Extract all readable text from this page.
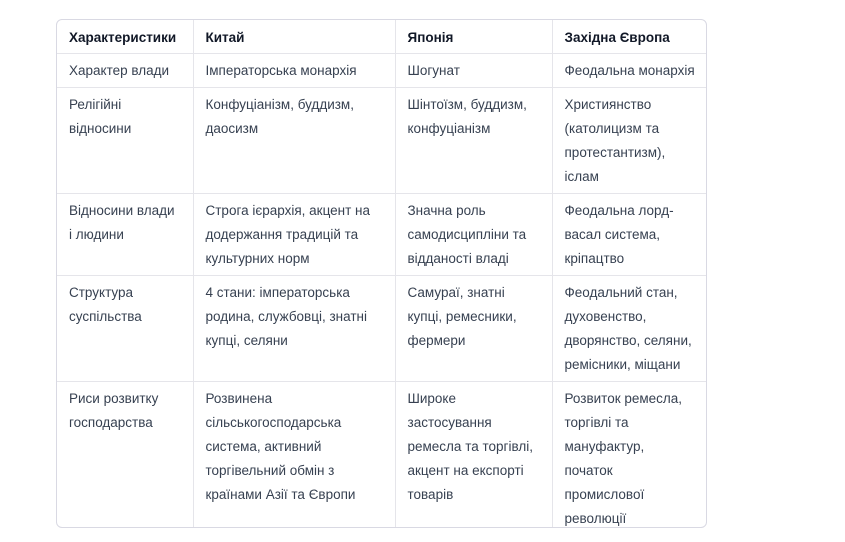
Характеристики	Китай	Японія	Західна Європа
Характер влади	Імператорська монархія	Шогунат	Феодальна монархія
Релігійні відносини	Конфуціанізм, буддизм, даосизм	Шінтоїзм, буддизм, конфуціанізм	Християнство (католицизм та протестантизм), іслам
Відносини влади і людини	Строга ієрархія, акцент на додержання традицій та культурних норм	Значна роль самодисципліни та відданості владі	Феодальна лорд-васал система, кріпацтво
Структура суспільства	4 стани: імператорська родина, службовці, знатні купці, селяни	Самураї, знатні купці, ремесники, фермери	Феодальний стан, духовенство, дворянство, селяни, ремісники, міщани
Риси розвитку господарства	Розвинена сільськогосподарська система, активний торгівельний обмін з країнами Азії та Європи	Широке застосування ремесла та торгівлі, акцент на експорті товарів	Розвиток ремесла, торгівлі та мануфактур, початок промислової революції
